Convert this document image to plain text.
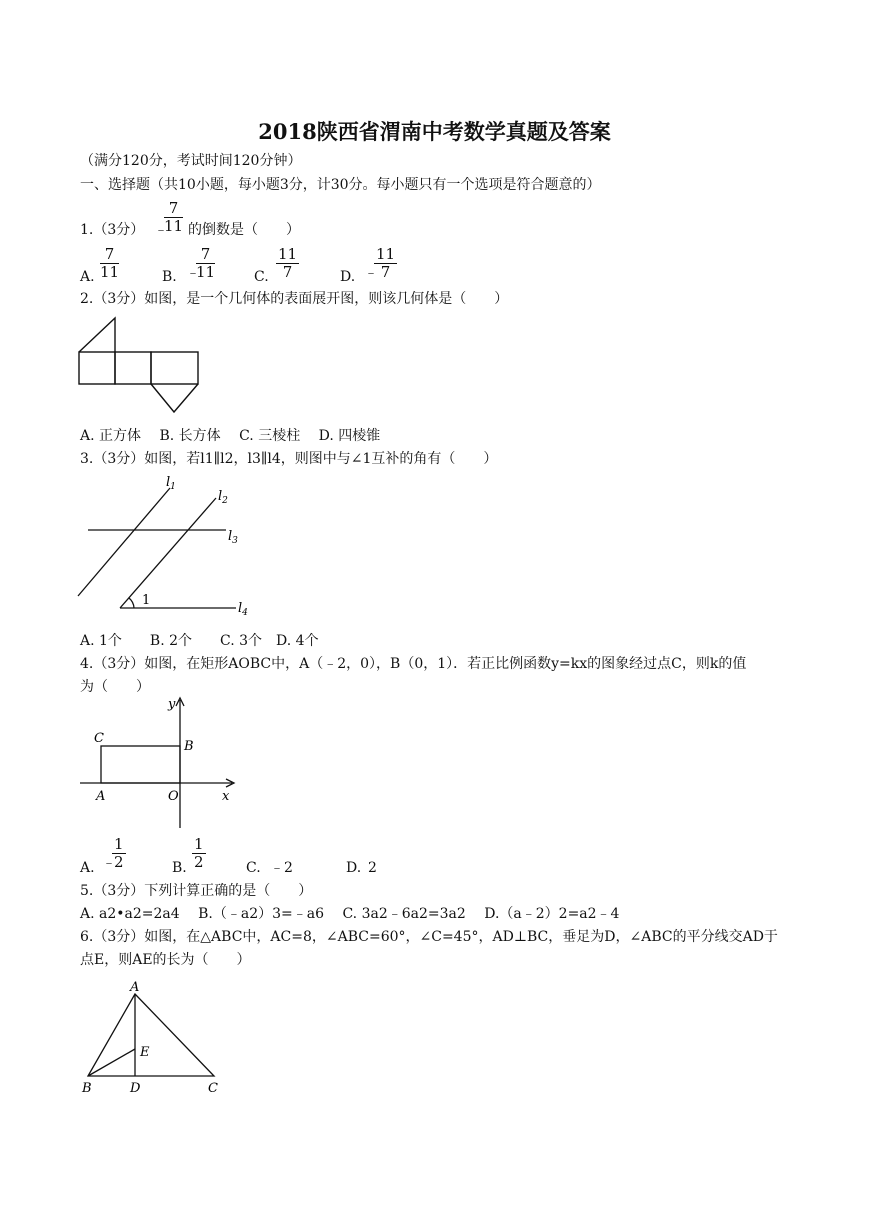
2018陕西省渭南中考数学真题及答案
（满分120分，考试时间120分钟）
一、选择题（共10小题，每小题3分，计30分。每小题只有一个选项是符合题意的）
1.（3分） ﹣
$\frac{7}{11}$ 的倒数是（　　）
A. $\frac{7}{11}$	B. ﹣
$\frac{7}{11}$	C. $\frac{11}{7}$	D. ﹣
$\frac{11}{7}$
2.（3分）如图，是一个几何体的表面展开图，则该几何体是（　　）
A. 正方体　 B. 长方体　 C. 三棱柱　 D. 四棱锥
3.（3分）如图，若l1∥l2，l3∥l4，则图中与∠1互补的角有（　　）
$l_1$
$l_2$
$l_3$
$l_4$
1
A. 1个　　B. 2个　　C. 3个　D. 4个
4.（3分）如图，在矩形AOBC中，A（﹣2，0），B（0，1）．若正比例函数y=kx的图象经过点C，则k的值
为（　　）
y
x
C
B
A	O
A. ﹣
$\frac{1}{2}$	B. $\frac{1}{2}$	C. ﹣2	D. 2
5.（3分）下列计算正确的是（　　）
A. a2•a2=2a4　 B.（﹣a2）3=﹣a6　 C. 3a2﹣6a2=3a2　 D.（a﹣2）2=a2﹣4
6.（3分）如图，在△ABC中，AC=8，∠ABC=60°，∠C=45°，AD⊥BC，垂足为D，∠ABC的平分线交AD于
点E，则AE的长为（　　）
A
E
B	D	C
